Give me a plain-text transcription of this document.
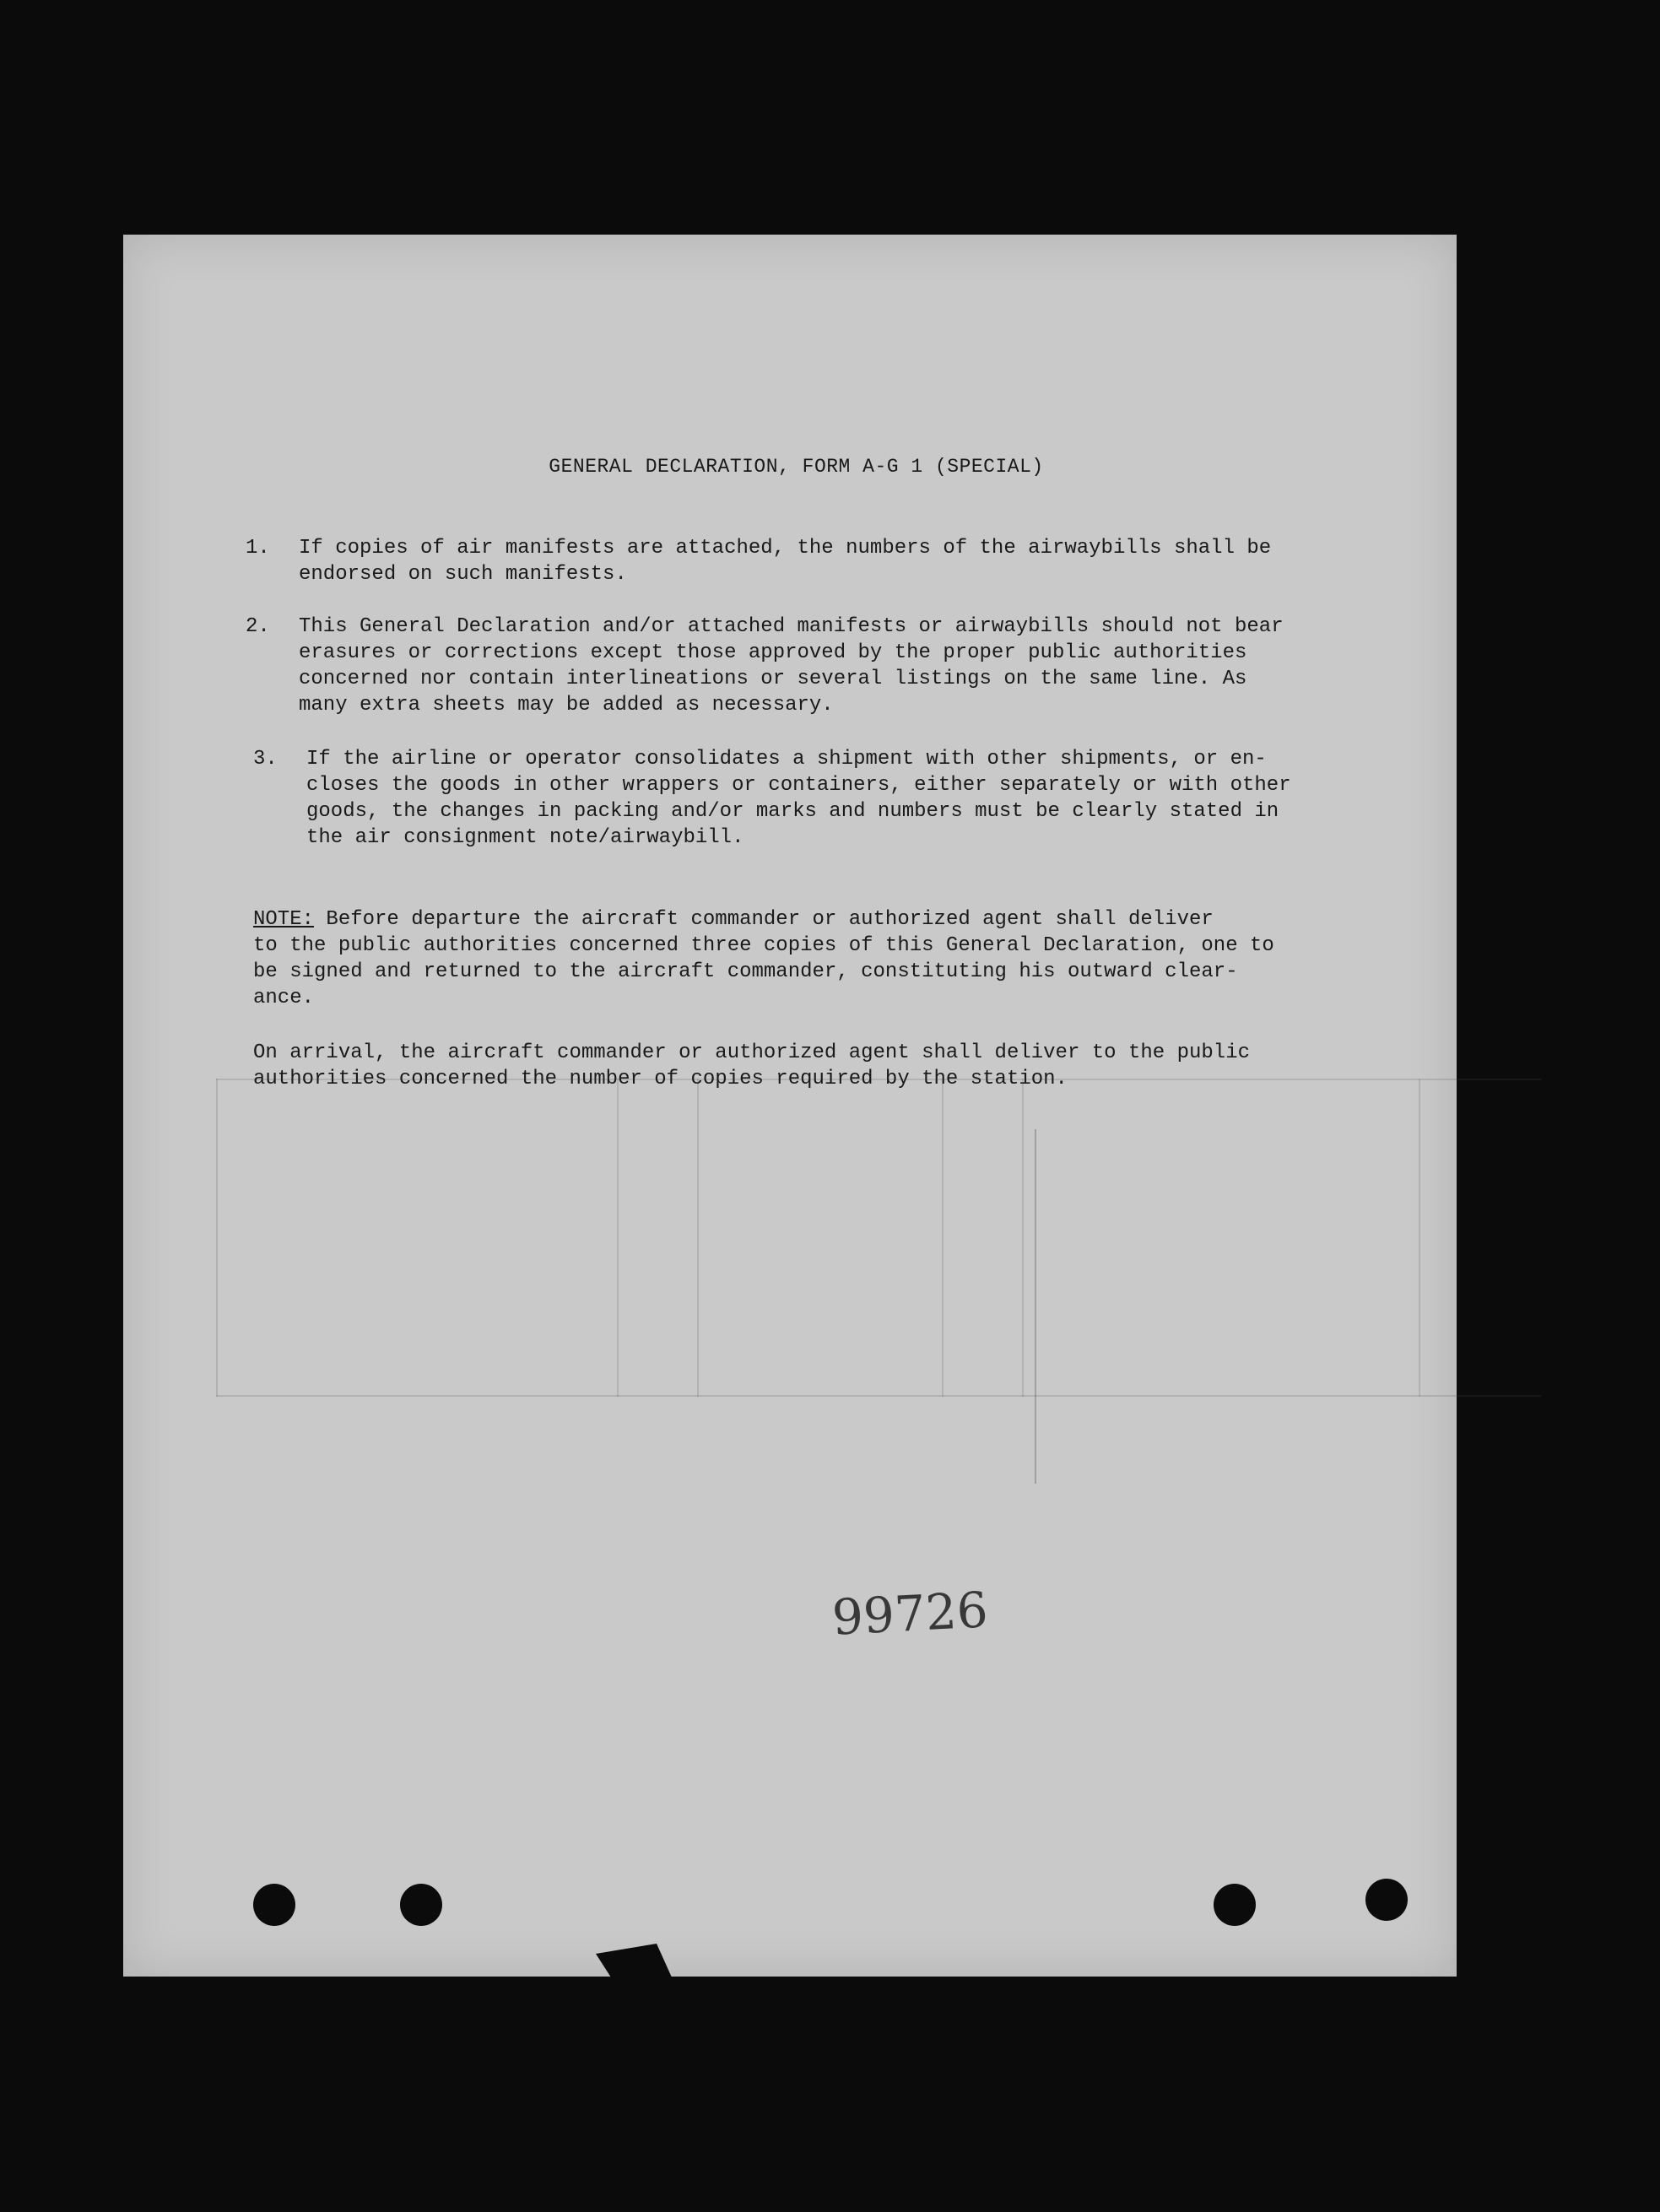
GENERAL DECLARATION, FORM A-G 1 (SPECIAL)
1.	If copies of air manifests are attached, the numbers of the airwaybills shall be
endorsed on such manifests.
2.	This General Declaration and/or attached manifests or airwaybills should not bear
erasures or corrections except those approved by the proper public authorities
concerned nor contain interlineations or several listings on the same line. As
many extra sheets may be added as necessary.
3.	If the airline or operator consolidates a shipment with other shipments, or en-
closes the goods in other wrappers or containers, either separately or with other
goods, the changes in packing and/or marks and numbers must be clearly stated in
the air consignment note/airwaybill.
NOTE: Before departure the aircraft commander or authorized agent shall deliver
to the public authorities concerned three copies of this General Declaration, one to
be signed and returned to the aircraft commander, constituting his outward clear-
ance.
On arrival, the aircraft commander or authorized agent shall deliver to the public
authorities concerned the number of copies required by the station.
99726
